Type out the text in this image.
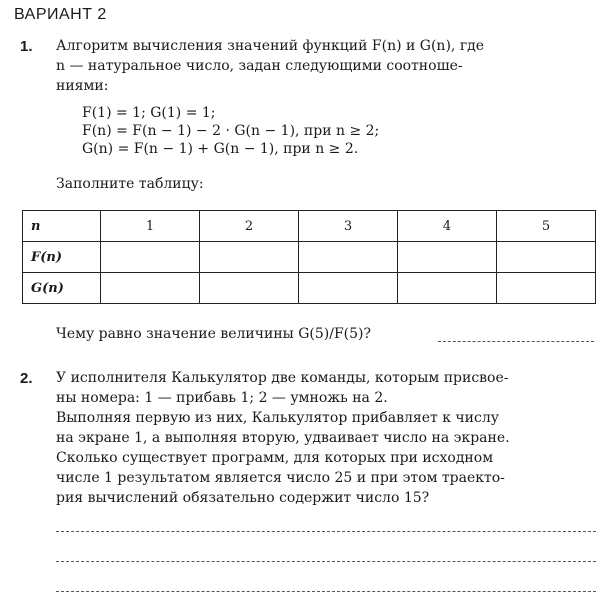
ВАРИАНТ 2
1. Алгоритм вычисления значений функций F(n) и G(n), где
n — натуральное число, задан следующими соотноше-
ниями:
F(1) = 1; G(1) = 1;
F(n) = F(n − 1) − 2 · G(n − 1), при n ≥ 2;
G(n) = F(n − 1) + G(n − 1), при n ≥ 2.
Заполните таблицу:
n	1	2	3	4	5
F(n)					
G(n)					
Чему равно значение величины G(5)/F(5)?
2. У исполнителя Калькулятор две команды, которым присвое-
ны номера: 1 — прибавь 1; 2 — умножь на 2.
Выполняя первую из них, Калькулятор прибавляет к числу
на экране 1, а выполняя вторую, удваивает число на экране.
Сколько существует программ, для которых при исходном
числе 1 результатом является число 25 и при этом траекто-
рия вычислений обязательно содержит число 15?
